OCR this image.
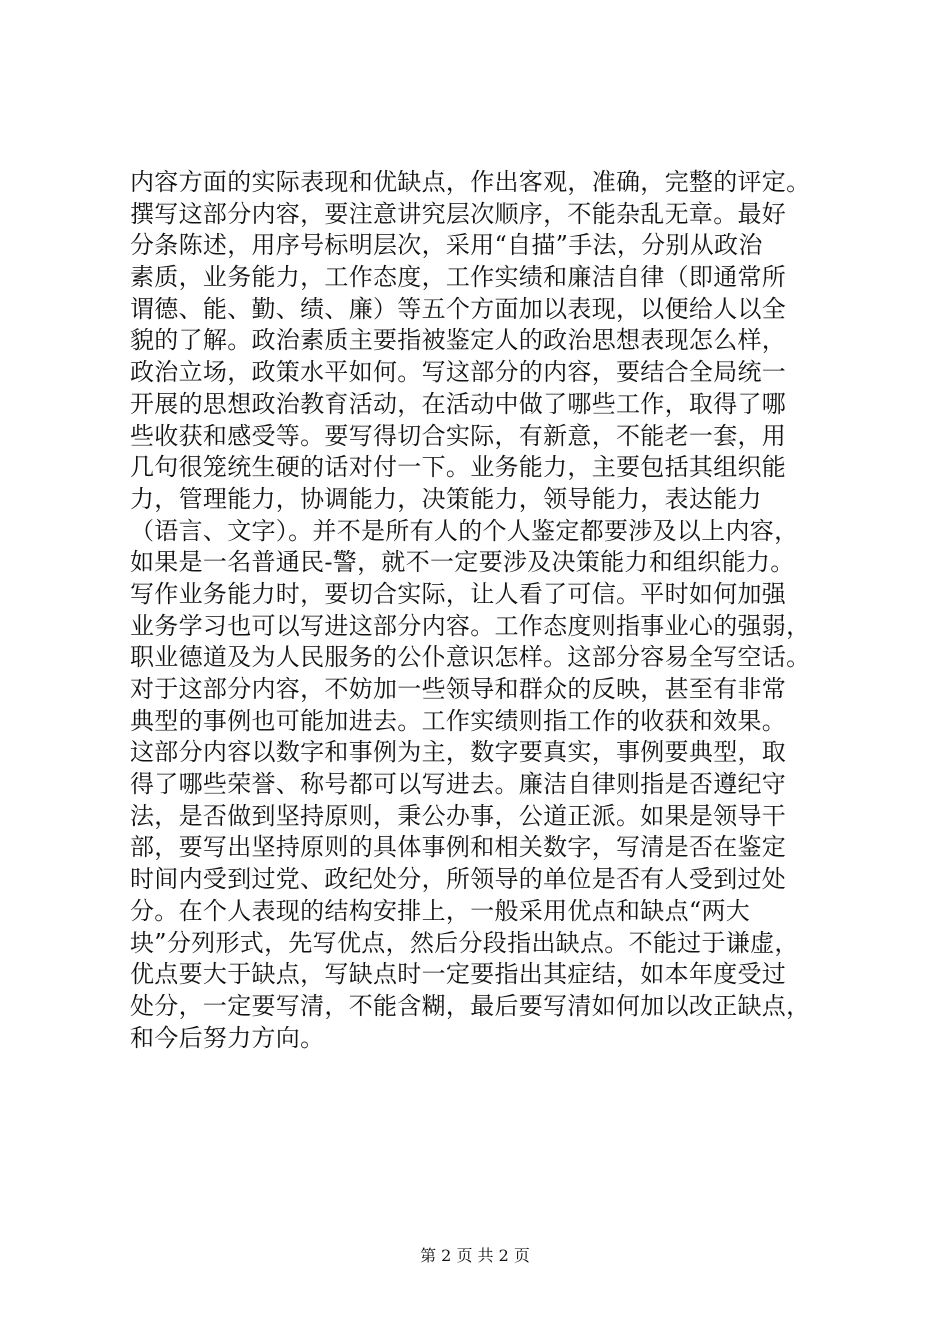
内容方面的实际表现和优缺点，作出客观，准确，完整的评定。
撰写这部分内容，要注意讲究层次顺序，不能杂乱无章。最好
分条陈述，用序号标明层次，采用“自描”手法，分别从政治
素质，业务能力，工作态度，工作实绩和廉洁自律（即通常所
谓德、能、勤、绩、廉）等五个方面加以表现，以便给人以全
貌的了解。政治素质主要指被鉴定人的政治思想表现怎么样，
政治立场，政策水平如何。写这部分的内容，要结合全局统一
开展的思想政治教育活动，在活动中做了哪些工作，取得了哪
些收获和感受等。要写得切合实际，有新意，不能老一套，用
几句很笼统生硬的话对付一下。业务能力，主要包括其组织能
力，管理能力，协调能力，决策能力，领导能力，表达能力
（语言、文字）。并不是所有人的个人鉴定都要涉及以上内容，
如果是一名普通民-警，就不一定要涉及决策能力和组织能力。
写作业务能力时，要切合实际，让人看了可信。平时如何加强
业务学习也可以写进这部分内容。工作态度则指事业心的强弱，
职业德道及为人民服务的公仆意识怎样。这部分容易全写空话。
对于这部分内容，不妨加一些领导和群众的反映，甚至有非常
典型的事例也可能加进去。工作实绩则指工作的收获和效果。
这部分内容以数字和事例为主，数字要真实，事例要典型，取
得了哪些荣誉、称号都可以写进去。廉洁自律则指是否遵纪守
法，是否做到坚持原则，秉公办事，公道正派。如果是领导干
部，要写出坚持原则的具体事例和相关数字，写清是否在鉴定
时间内受到过党、政纪处分，所领导的单位是否有人受到过处
分。在个人表现的结构安排上，一般采用优点和缺点“两大
块”分列形式，先写优点，然后分段指出缺点。不能过于谦虚，
优点要大于缺点，写缺点时一定要指出其症结，如本年度受过
处分，一定要写清，不能含糊，最后要写清如何加以改正缺点，
和今后努力方向。
第 2 页 共 2 页
